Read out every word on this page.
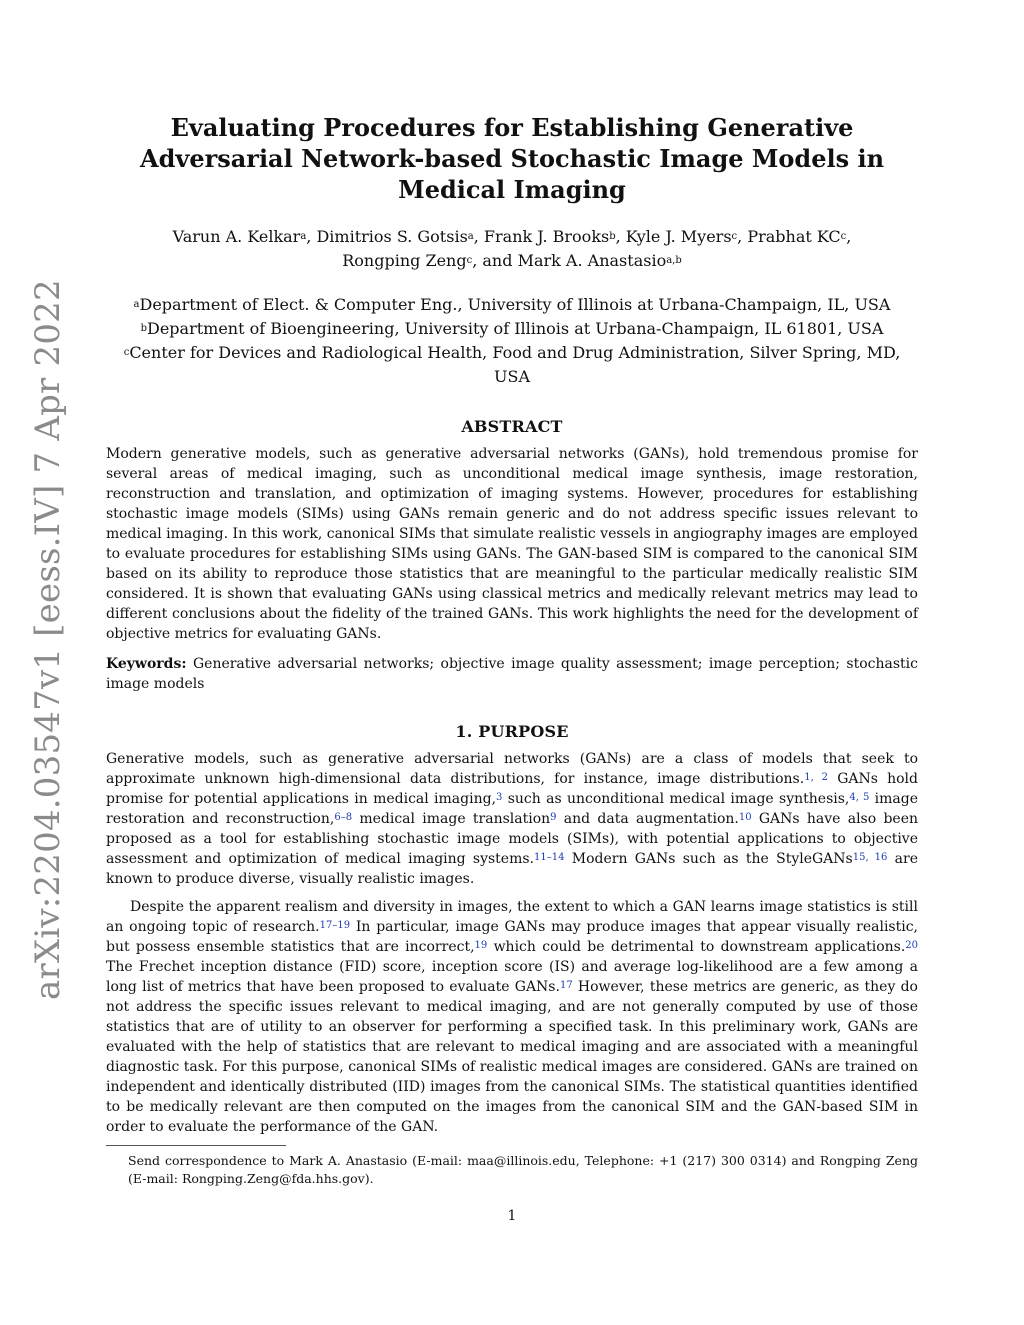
arXiv:2204.03547v1 [eess.IV] 7 Apr 2022
Evaluating Procedures for Establishing Generative Adversarial Network-based Stochastic Image Models in Medical Imaging
Varun A. Kelkar$^a$, Dimitrios S. Gotsis$^a$, Frank J. Brooks$^b$, Kyle J. Myers$^c$, Prabhat $KC^c$,
Rongping Zeng$^c$, and Mark A. Anastasio$^{a,b}$
$^a$Department of Elect. & Computer Eng., University of Illinois at Urbana-Champaign, IL, USA
$^b$Department of Bioengineering, University of Illinois at Urbana-Champaign, IL 61801, USA
$^c$Center for Devices and Radiological Health, Food and Drug Administration, Silver Spring, MD, USA
ABSTRACT

Modern generative models, such as generative adversarial networks (GANs), hold tremendous promise for several areas of medical imaging, such as unconditional medical image synthesis, image restoration, reconstruction and translation, and optimization of imaging systems. However, procedures for establishing stochastic image models (SIMs) using GANs remain generic and do not address specific issues relevant to medical imaging. In this work, canonical SIMs that simulate realistic vessels in angiography images are employed to evaluate procedures for establishing SIMs using GANs. The GAN-based SIM is compared to the canonical SIM based on its ability to reproduce those statistics that are meaningful to the particular medically realistic SIM considered. It is shown that evaluating GANs using classical metrics and medically relevant metrics may lead to different conclusions about the fidelity of the trained GANs. This work highlights the need for the development of objective metrics for evaluating GANs.

Keywords: Generative adversarial networks; objective image quality assessment; image perception; stochastic image models
1. PURPOSE

Generative models, such as generative adversarial networks (GANs) are a class of models that seek to approximate unknown high-dimensional data distributions, for instance, image distributions.$^{1, 2}$ GANs hold promise for potential applications in medical imaging,$^3$ such as unconditional medical image synthesis,$^{4, 5}$ image restoration and reconstruction,$^{6-8}$ medical image translation$^9$ and data augmentation.$^{10}$ GANs have also been proposed as a tool for establishing stochastic image models (SIMs), with potential applications to objective assessment and optimization of medical imaging systems.$^{11-14}$ Modern GANs such as the StyleGANs$^{15, 16}$ are known to produce diverse, visually realistic images.

Despite the apparent realism and diversity in images, the extent to which a GAN learns image statistics is still an ongoing topic of research.$^{17-19}$ In particular, image GANs may produce images that appear visually realistic, but possess ensemble statistics that are incorrect,$^{19}$ which could be detrimental to downstream applications.$^{20}$ The Frechet inception distance (FID) score, inception score (IS) and average log-likelihood are a few among a long list of metrics that have been proposed to evaluate GANs.$^{17}$ However, these metrics are generic, as they do not address the specific issues relevant to medical imaging, and are not generally computed by use of those statistics that are of utility to an observer for performing a specified task. In this preliminary work, GANs are evaluated with the help of statistics that are relevant to medical imaging and are associated with a meaningful diagnostic task. For this purpose, canonical SIMs of realistic medical images are considered. GANs are trained on independent and identically distributed (IID) images from the canonical SIMs. The statistical quantities identified to be medically relevant are then computed on the images from the canonical SIM and the GAN-based SIM in order to evaluate the performance of the GAN.

Send correspondence to Mark A. Anastasio (E-mail: maa@illinois.edu, Telephone: +1 (217) 300 0314) and Rongping Zeng (E-mail: Rongping.Zeng@fda.hhs.gov).

1
